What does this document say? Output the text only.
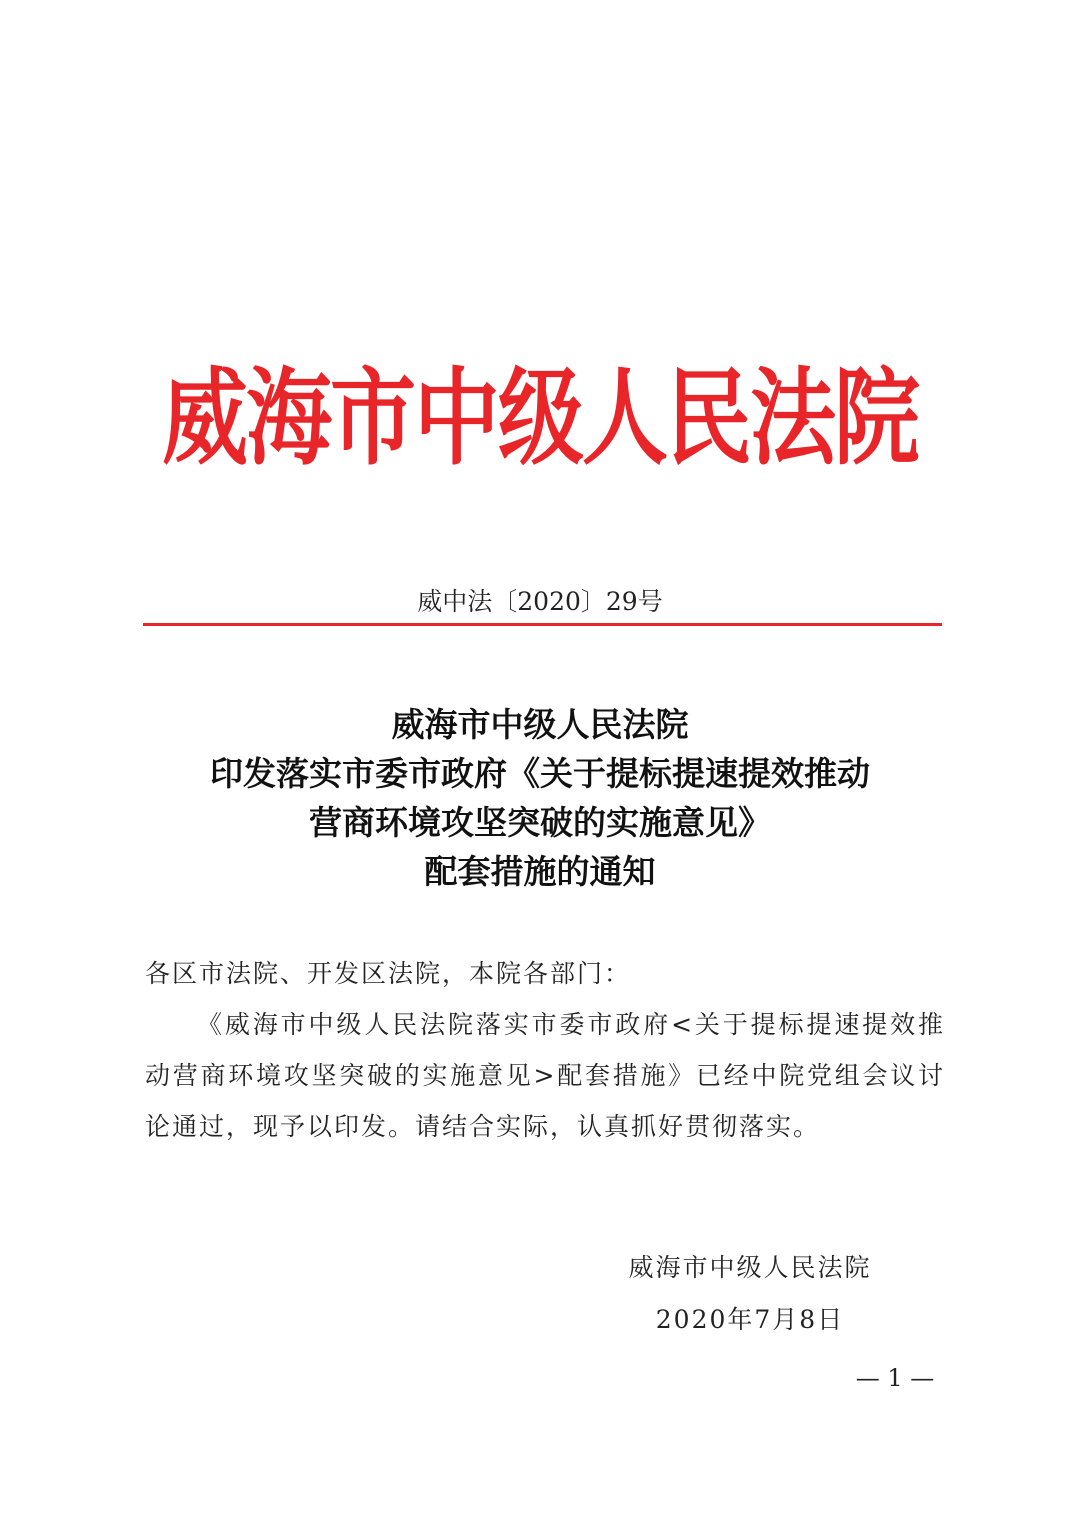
威海市中级人民法院
威中法〔2020〕29号
威海市中级人民法院
印发落实市委市政府《关于提标提速提效推动
营商环境攻坚突破的实施意见》
配套措施的通知

各区市法院、开发区法院，本院各部门：

《威海市中级人民法院落实市委市政府<关于提标提速提效推动营商环境攻坚突破的实施意见>配套措施》已经中院党组会议讨论通过，现予以印发。请结合实际，认真抓好贯彻落实。

威海市中级人民法院
2020年7月8日
— 1 —
